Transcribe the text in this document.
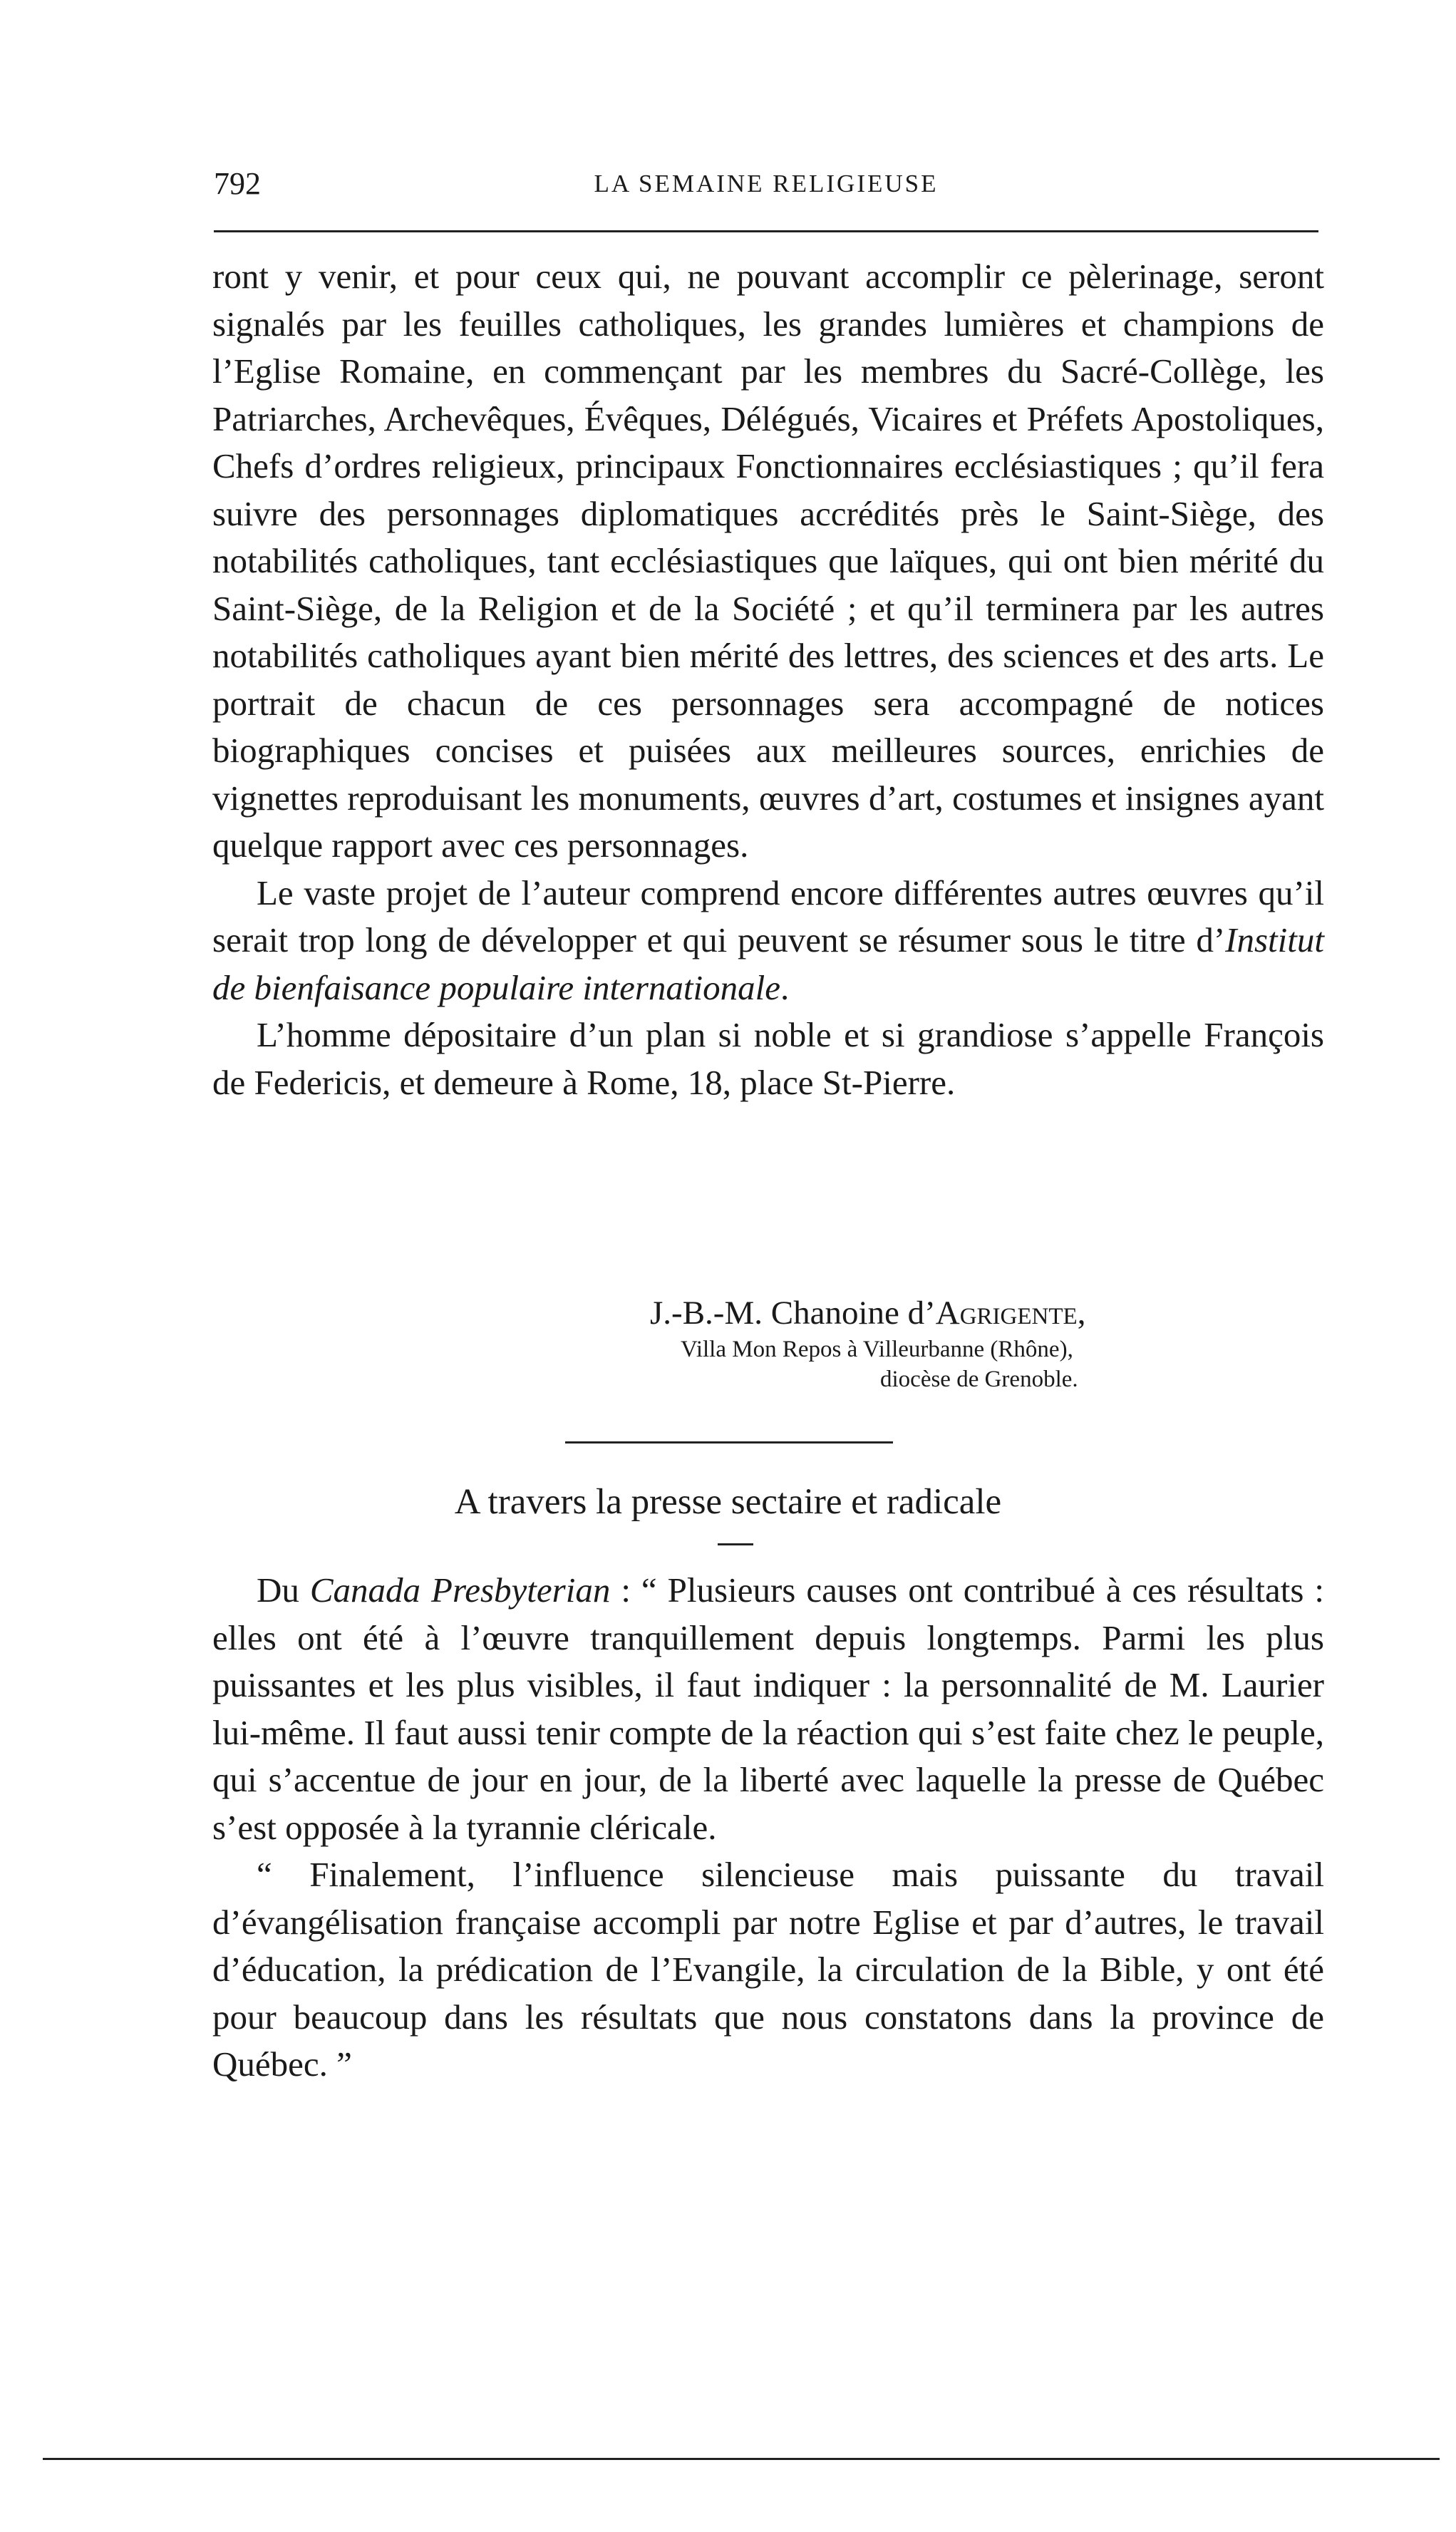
792	LA SEMAINE RELIGIEUSE

ront y venir, et pour ceux qui, ne pouvant accomplir ce pèlerinage, seront signalés par les feuilles catholiques, les grandes lumières et champions de l’Eglise Romaine, en commençant par les membres du Sacré-Collège, les Patriarches, Archevêques, Évêques, Délégués, Vicaires et Préfets Apostoliques, Chefs d’ordres religieux, principaux Fonctionnaires ecclésiastiques ; qu’il fera suivre des personnages diplomatiques accrédités près le Saint-Siège, des notabilités catholiques, tant ecclésiastiques que laïques, qui ont bien mérité du Saint-Siège, de la Religion et de la Société ; et qu’il terminera par les autres notabilités catholiques ayant bien mérité des lettres, des sciences et des arts. Le portrait de chacun de ces personnages sera accompagné de notices biographiques concises et puisées aux meilleures sources, enrichies de vignettes reproduisant les monuments, œuvres d’art, costumes et insignes ayant quelque rapport avec ces personnages.

Le vaste projet de l’auteur comprend encore différentes autres œuvres qu’il serait trop long de développer et qui peuvent se résumer sous le titre d’Institut de bienfaisance populaire internationale.

L’homme dépositaire d’un plan si noble et si grandiose s’appelle François de Federicis, et demeure à Rome, 18, place St-Pierre.

J.-B.-M. Chanoine d’Agrigente,
Villa Mon Repos à Villeurbanne (Rhône),
diocèse de Grenoble.
A travers la presse sectaire et radicale

Du Canada Presbyterian : “ Plusieurs causes ont contribué à ces résultats : elles ont été à l’œuvre tranquillement depuis longtemps. Parmi les plus puissantes et les plus visibles, il faut indiquer : la personnalité de M. Laurier lui-même. Il faut aussi tenir compte de la réaction qui s’est faite chez le peuple, qui s’accentue de jour en jour, de la liberté avec laquelle la presse de Québec s’est opposée à la tyrannie cléricale.

“ Finalement, l’influence silencieuse mais puissante du travail d’évangélisation française accompli par notre Eglise et par d’autres, le travail d’éducation, la prédication de l’Evangile, la circulation de la Bible, y ont été pour beaucoup dans les résultats que nous constatons dans la province de Québec. ”
